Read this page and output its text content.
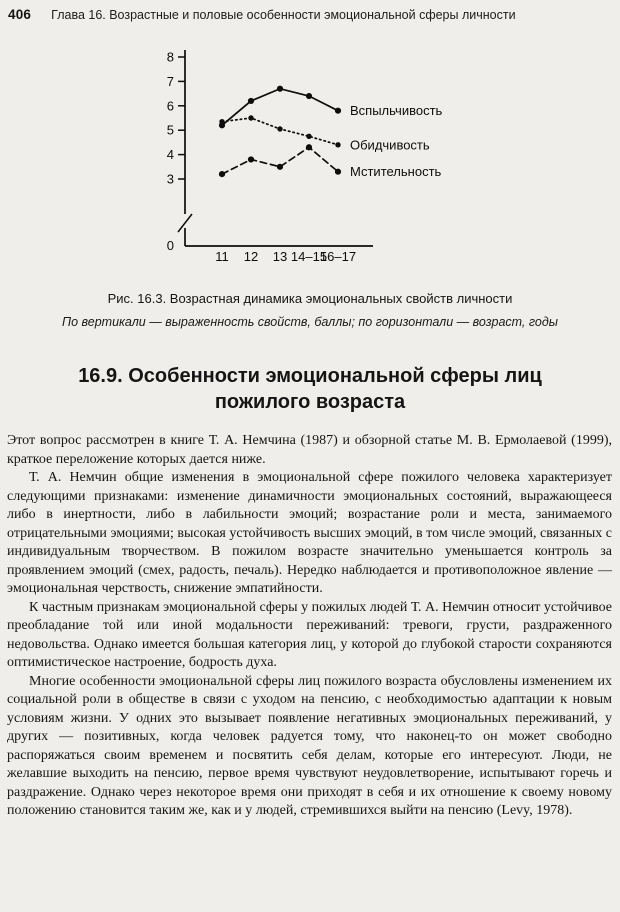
406 Глава 16. Возрастные и половые особенности эмоциональной сферы личности
3
4
5
6
7
8
0
Вспыльчивость
Обидчивость
Мстительность
11 12 13 14–15
16–17
Рис. 16.3. Возрастная динамика эмоциональных свойств личности
По вертикали — выраженность свойств, баллы; по горизонтали — возраст, годы
16.9. Особенности эмоциональной сферы лиц пожилого возраста

Этот вопрос рассмотрен в книге Т. А. Немчина (1987) и обзорной статье М. В. Ермолаевой (1999), краткое переложение которых дается ниже.

Т. А. Немчин общие изменения в эмоциональной сфере пожилого человека характеризует следующими признаками: изменение динамичности эмоциональных состояний, выражающееся либо в инертности, либо в лабильности эмоций; возрастание роли и места, занимаемого отрицательными эмоциями; высокая устойчивость высших эмоций, в том числе эмоций, связанных с индивидуальным творчеством. В пожилом возрасте значительно уменьшается контроль за проявлением эмоций (смех, радость, печаль). Нередко наблюдается и противоположное явление — эмоциональная черствость, снижение эмпатийности.

К частным признакам эмоциональной сферы у пожилых людей Т. А. Немчин относит устойчивое преобладание той или иной модальности переживаний: тревоги, грусти, раздраженного недовольства. Однако имеется большая категория лиц, у которой до глубокой старости сохраняются оптимистическое настроение, бодрость духа.

Многие особенности эмоциональной сферы лиц пожилого возраста обусловлены изменением их социальной роли в обществе в связи с уходом на пенсию, с необходимостью адаптации к новым условиям жизни. У одних это вызывает появление негативных эмоциональных переживаний, у других — позитивных, когда человек радуется тому, что наконец-то он может свободно распоряжаться своим временем и посвятить себя делам, которые его интересуют. Люди, не желавшие выходить на пенсию, первое время чувствуют неудовлетворение, испытывают горечь и раздражение. Однако через некоторое время они приходят в себя и их отношение к своему новому положению становится таким же, как и у людей, стремившихся выйти на пенсию (Levy, 1978).
